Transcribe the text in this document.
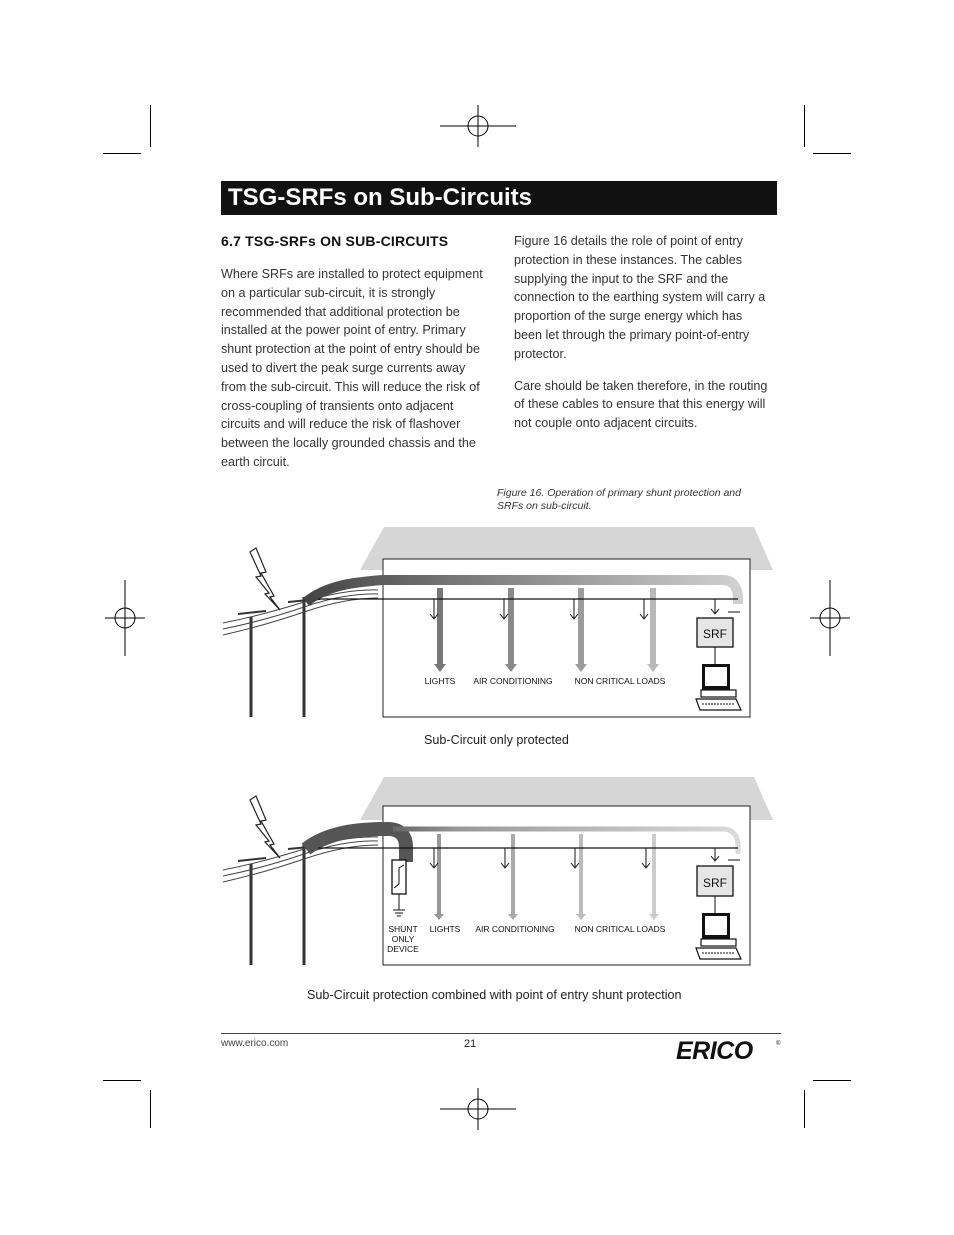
TSG-SRFs on Sub-Circuits
6.7 TSG-SRFs ON SUB-CIRCUITS

Where SRFs are installed to protect equipment on a particular sub-circuit, it is strongly recommended that additional protection be installed at the power point of entry. Primary shunt protection at the point of entry should be used to divert the peak surge currents away from the sub-circuit. This will reduce the risk of cross-coupling of transients onto adjacent circuits and will reduce the risk of flashover between the locally grounded chassis and the earth circuit.

Figure 16 details the role of point of entry protection in these instances. The cables supplying the input to the SRF and the connection to the earthing system will carry a proportion of the surge energy which has been let through the primary point-of-entry protector.

Care should be taken therefore, in the routing of these cables to ensure that this energy will not couple onto adjacent circuits.

Figure 16. Operation of primary shunt protection and SRFs on sub-circuit.
SRF
LIGHTS AIR CONDITIONING	NON CRITICAL LOADS
Sub-Circuit only protected
SRF
SHUNT
ONLY
DEVICE
LIGHTS AIR CONDITIONING NON CRITICAL LOADS
Sub-Circuit protection combined with point of entry shunt protection
www.erico.com	21	ERICO	®
